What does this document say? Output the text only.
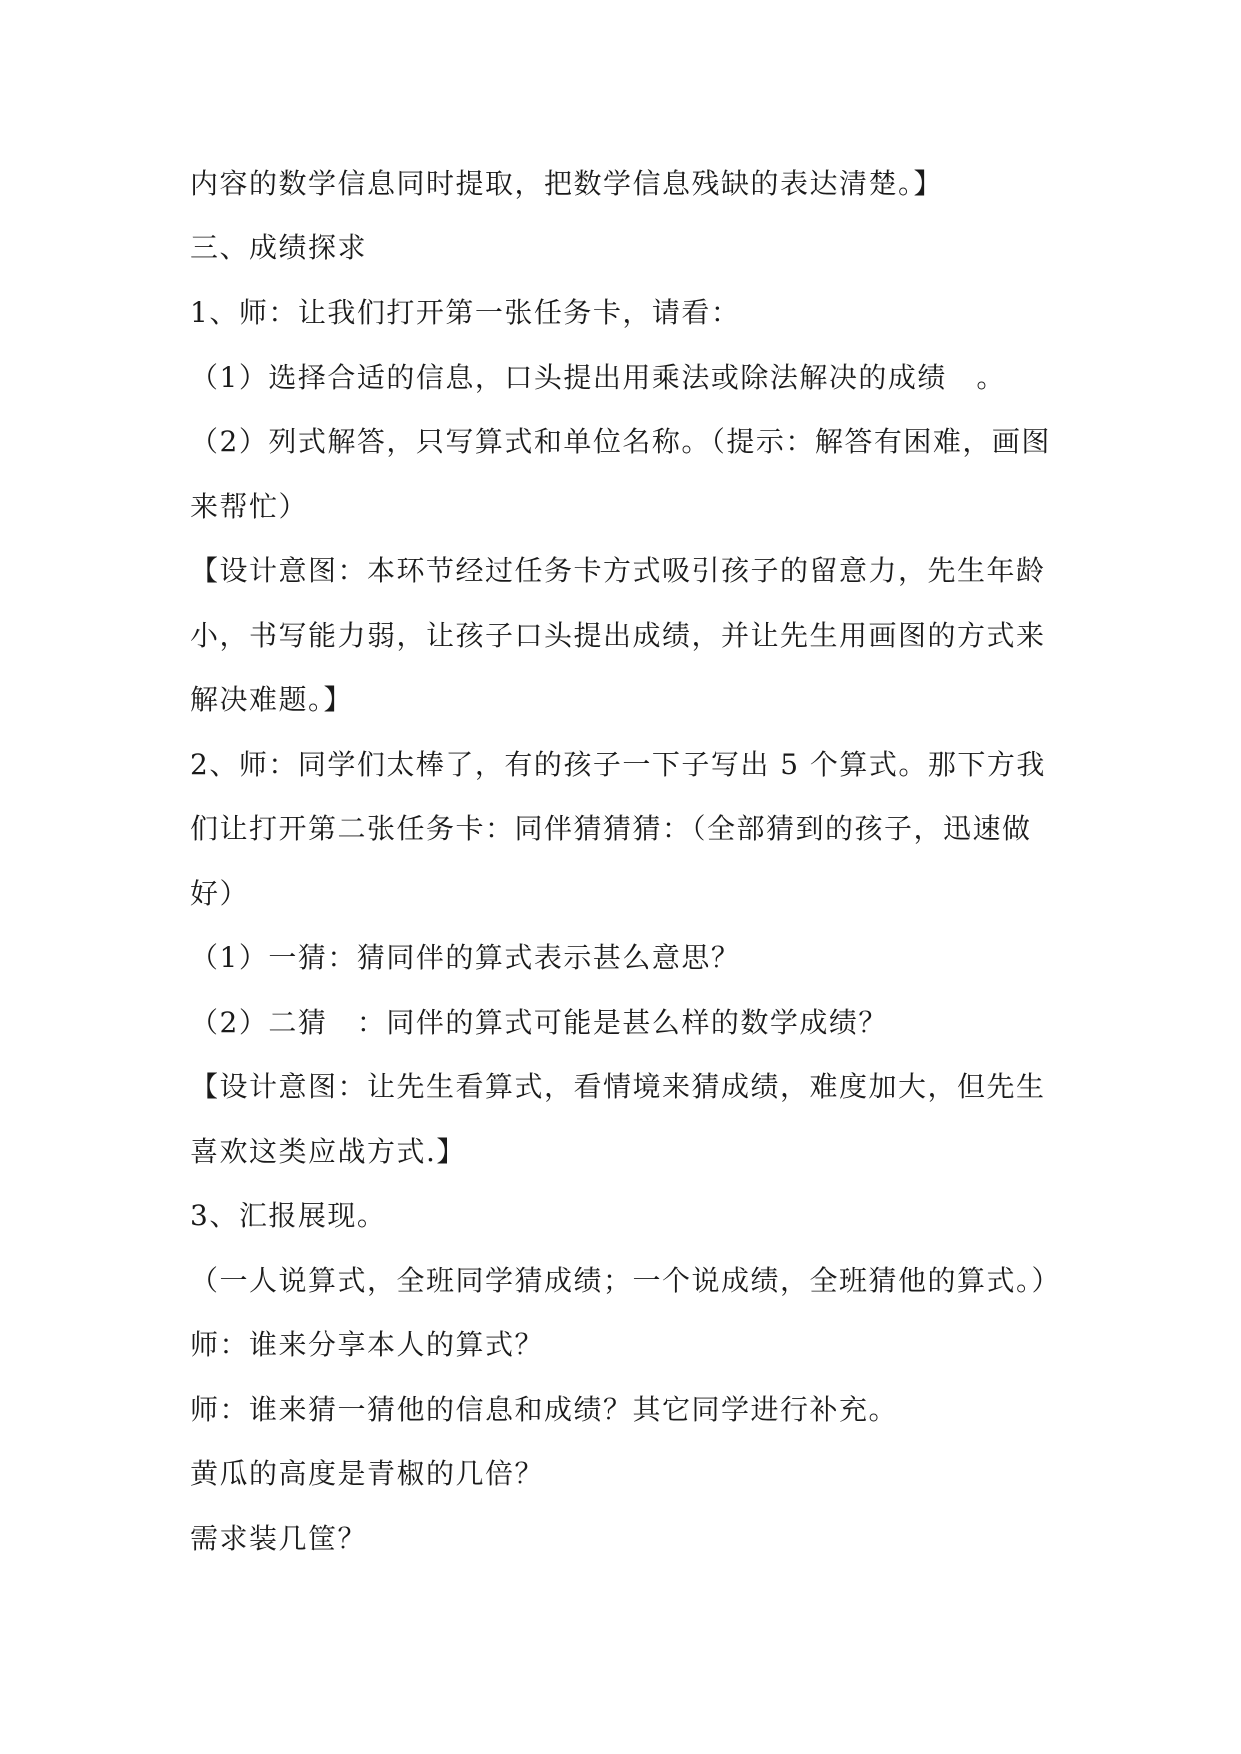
内容的数学信息同时提取，把数学信息残缺的表达清楚。】
三、成绩探求
1、师：让我们打开第一张任务卡，请看：
（1）选择合适的信息，口头提出用乘法或除法解决的成绩　。
（2）列式解答，只写算式和单位名称。（提示：解答有困难，画图
来帮忙）
【设计意图：本环节经过任务卡方式吸引孩子的留意力，先生年龄
小，书写能力弱，让孩子口头提出成绩，并让先生用画图的方式来
解决难题。】
2、师：同学们太棒了，有的孩子一下子写出 5 个算式。那下方我
们让打开第二张任务卡：同伴猜猜猜：（全部猜到的孩子，迅速做
好）
（1）一猜：猜同伴的算式表示甚么意思？
（2）二猜　：同伴的算式可能是甚么样的数学成绩？
【设计意图：让先生看算式，看情境来猜成绩，难度加大，但先生
喜欢这类应战方式.】
3、汇报展现。
（一人说算式，全班同学猜成绩；一个说成绩，全班猜他的算式。）
师：谁来分享本人的算式？
师：谁来猜一猜他的信息和成绩？其它同学进行补充。
黄瓜的高度是青椒的几倍？
需求装几筐？
